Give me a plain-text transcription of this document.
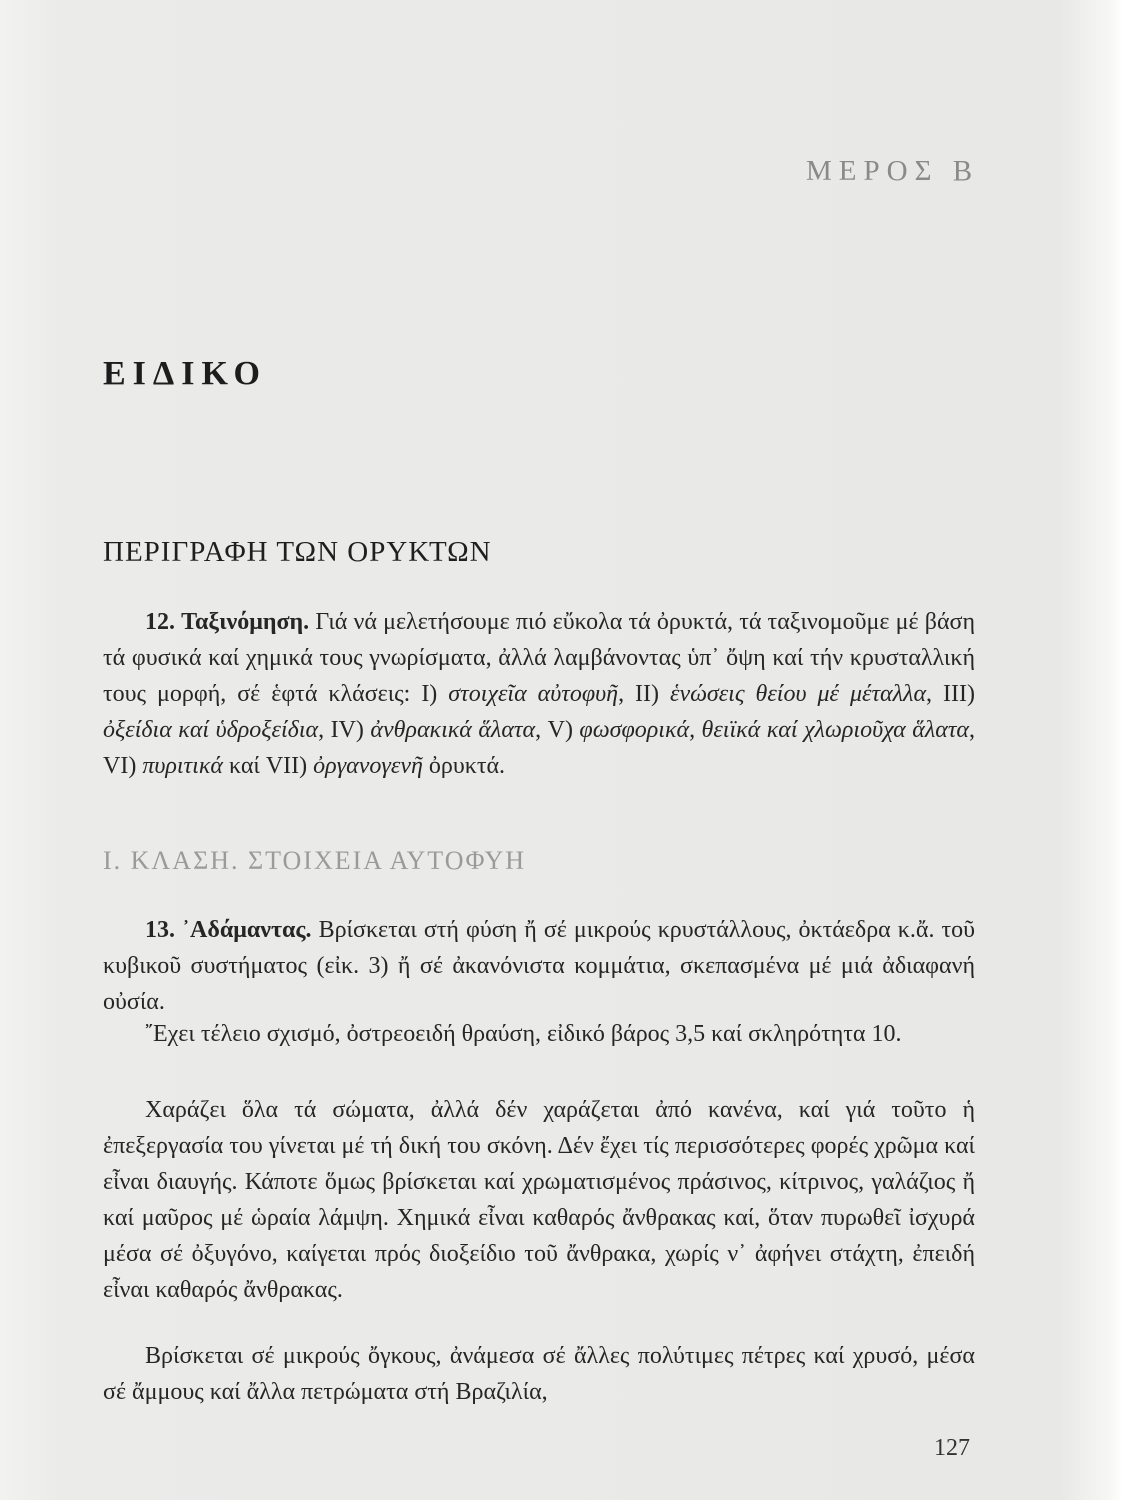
ΜΕΡΟΣ Β
ΕΙΔΙΚΟ
ΠΕΡΙΓΡΑΦΗ ΤΩΝ ΟΡΥΚΤΩΝ
12. Ταξινόμηση. Γιά νά μελετήσουμε πιό εὔκολα τά ὀρυκτά, τά ταξινομοῦμε μέ βάση τά φυσικά καί χημικά τους γνωρίσματα, ἀλλά λαμβάνοντας ὑπ᾽ ὄψη καί τήν κρυσταλλική τους μορφή, σέ ἑφτά κλάσεις: I) στοιχεῖα αὐτοφυῆ, II) ἑνώσεις θείου μέ μέταλλα, III) ὀξείδια καί ὑδροξείδια, IV) ἀνθρακικά ἅλατα, V) φωσφορικά, θειϊκά καί χλωριοῦχα ἅλατα, VI) πυριτικά καί VII) ὀργανογενῆ ὀρυκτά.
I. ΚΛΑΣΗ. ΣΤΟΙΧΕΙΑ ΑΥΤΟΦΥΗ
13. ᾽Αδάμαντας. Βρίσκεται στή φύση ἤ σέ μικρούς κρυστάλλους, ὀκτάεδρα κ.ἄ. τοῦ κυβικοῦ συστήματος (εἰκ. 3) ἤ σέ ἀκανόνιστα κομμάτια, σκεπασμένα μέ μιά ἀδιαφανή οὐσία.
῎Εχει τέλειο σχισμό, ὀστρεοειδή θραύση, εἰδικό βάρος 3,5 καί σκληρότητα 10.
Χαράζει ὅλα τά σώματα, ἀλλά δέν χαράζεται ἀπό κανένα, καί γιά τοῦτο ἡ ἐπεξεργασία του γίνεται μέ τή δική του σκόνη. Δέν ἔχει τίς περισσότερες φορές χρῶμα καί εἶναι διαυγής. Κάποτε ὅμως βρίσκεται καί χρωματισμένος πράσινος, κίτρινος, γαλάζιος ἤ καί μαῦρος μέ ὡραία λάμψη. Χημικά εἶναι καθαρός ἄνθρακας καί, ὅταν πυρωθεῖ ἰσχυρά μέσα σέ ὀξυγόνο, καίγεται πρός διοξείδιο τοῦ ἄνθρακα, χωρίς ν᾽ ἀφήνει στάχτη, ἐπειδή εἶναι καθαρός ἄνθρακας.
Βρίσκεται σέ μικρούς ὄγκους, ἀνάμεσα σέ ἄλλες πολύτιμες πέτρες καί χρυσό, μέσα σέ ἄμμους καί ἄλλα πετρώματα στή Βραζιλία,
127
